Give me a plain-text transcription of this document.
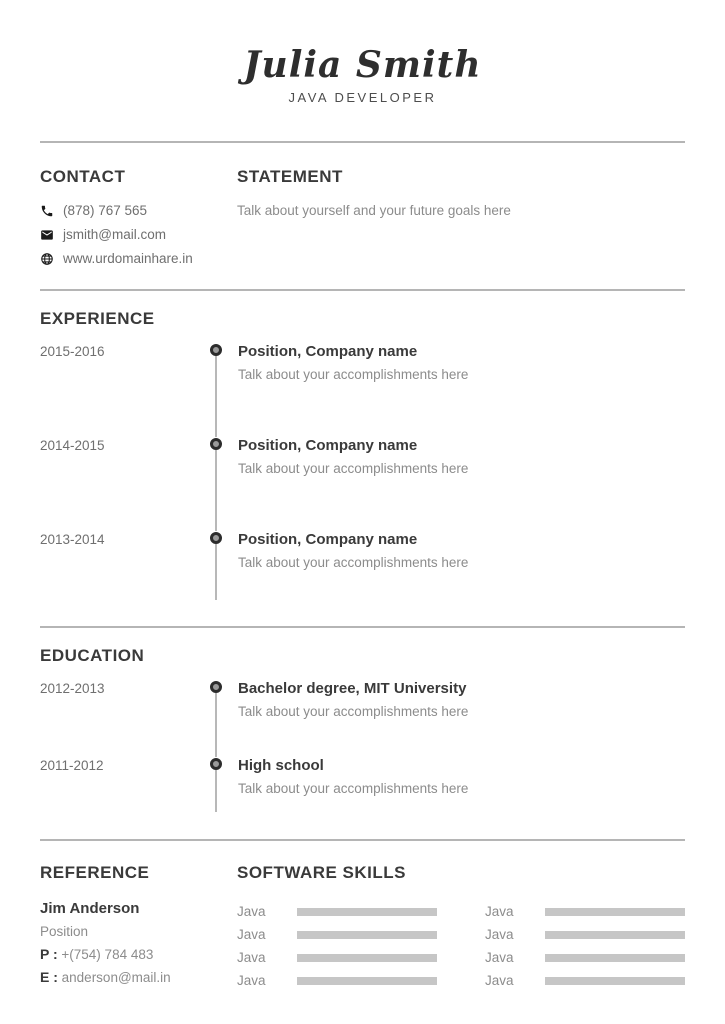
Julia Smith
JAVA DEVELOPER
CONTACT
(878) 767 565
jsmith@mail.com
www.urdomainhare.in
STATEMENT
Talk about yourself and your future goals here
EXPERIENCE
2015-2016	Position, Company name
Talk about your accomplishments here
2014-2015	Position, Company name
Talk about your accomplishments here
2013-2014	Position, Company name
Talk about your accomplishments here
EDUCATION
2012-2013	Bachelor degree, MIT University
Talk about your accomplishments here
2011-2012	High school
Talk about your accomplishments here
REFERENCE
Jim Anderson
Position
P : +(754) 784 483
E : anderson@mail.in
SOFTWARE SKILLS
Java
Java
Java
Java
Java
Java
Java
Java
